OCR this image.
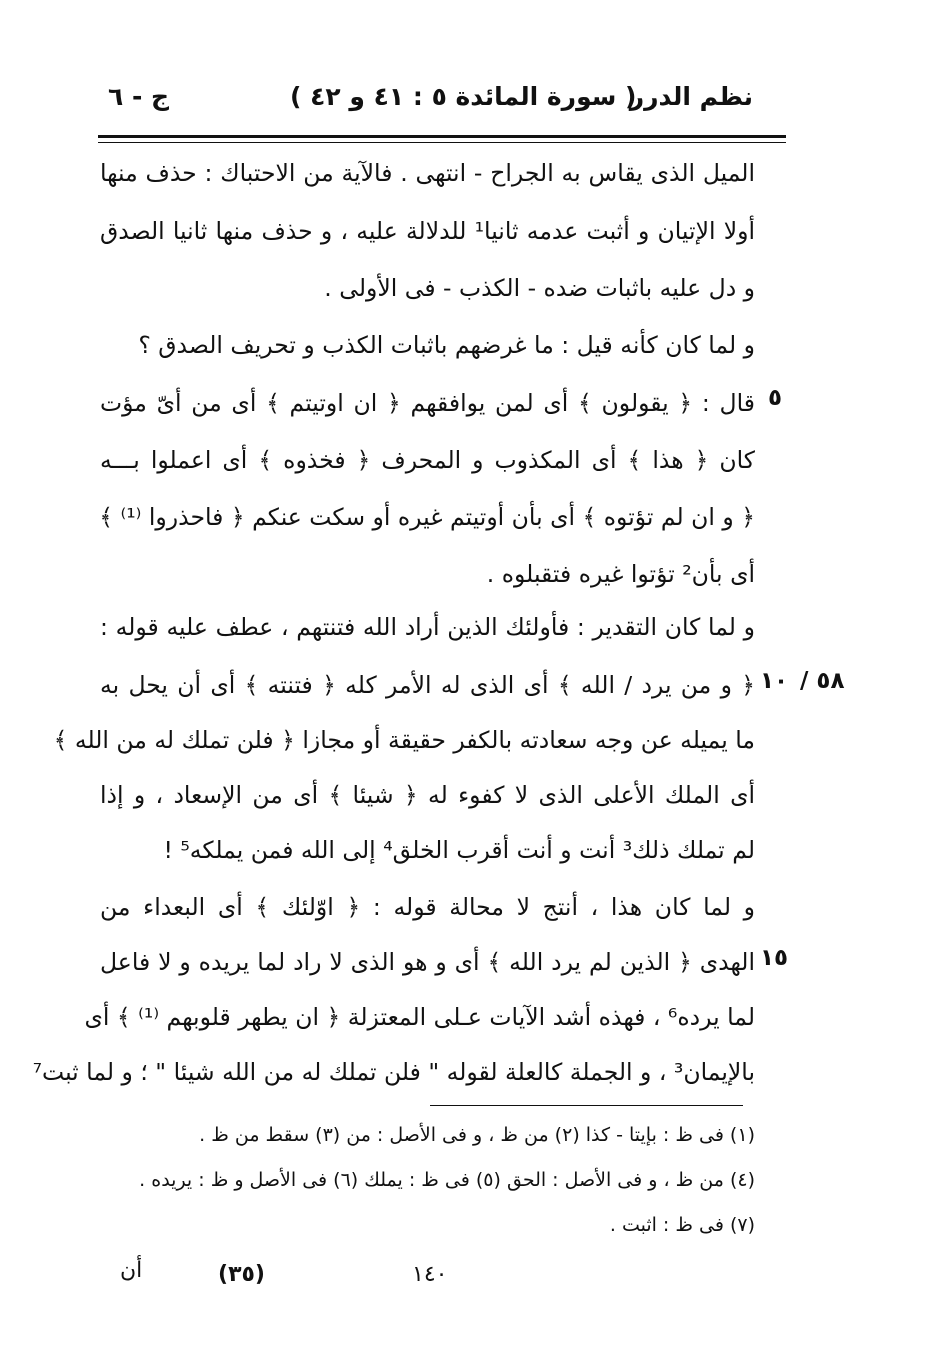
نظم الدرر
( سورة المائدة ٥ : ٤١ و ٤٢ )
ج - ٦
الميل الذى يقاس به الجراح - انتهى . فالآية من الاحتباك : حذف منها
أولا الإتيان و أثبت عدمه ثانيا¹ للدلالة عليه ، و حذف منها ثانيا الصدق
و دل عليه باثبات ضده - الكذب - فى الأولى .
و لما كان كأنه قيل : ما غرضهم باثبات الكذب و تحريف الصدق ؟
قال : ﴿ يقولون ﴾ أى لمن يوافقهم ﴿ ان اوتيتم ﴾ أى من أىّ مؤت
كان ﴿ هذا ﴾ أى المكذوب و المحرف ﴿ فخذوه ﴾ أى اعملوا بـــه
﴿ و ان لم تؤتوه ﴾ أى بأن أوتيتم غيره أو سكت عنكم ﴿ فاحذروا ⁽¹⁾ ﴾
أى بأن² تؤتوا غيره فتقبلوه .
و لما كان التقدير : فأولئك الذين أراد الله فتنتهم ، عطف عليه قوله :
﴿ و من يرد / الله ﴾ أى الذى له الأمر كله ﴿ فتنته ﴾ أى أن يحل به
ما يميله عن وجه سعادته بالكفر حقيقة أو مجازا ﴿ فلن تملك له من الله ﴾
أى الملك الأعلى الذى لا كفوء له ﴿ شيئا ﴾ أى من الإسعاد ، و إذا
لم تملك ذلك³ أنت و أنت أقرب الخلق⁴ إلى الله فمن يملكه⁵ !
و لما كان هذا ، أنتج لا محالة قوله : ﴿ اوّلئك ﴾ أى البعداء من
الهدى ﴿ الذين لم يرد الله ﴾ أى و هو الذى لا راد لما يريده و لا فاعل
لما يرده⁶ ، فهذه أشد الآيات عـلى المعتزلة ﴿ ان يطهر قلوبهم ⁽¹⁾ ﴾ أى
بالإيمان³ ، و الجملة كالعلة لقوله " فلن تملك له من الله شيئا " ؛ و لما ثبت⁷
٥
١٠ ٥٨ /
١٥
(١) فى ظ : بإيتا - كذا (٢) من ظ ، و فى الأصل : من (٣) سقط من ظ .
(٤) من ظ ، و فى الأصل : الحق (٥) فى ظ : يملك (٦) فى الأصل و ظ : يريده .
(٧) فى ظ : اثبت .
١٤٠
(٣٥)
أن
